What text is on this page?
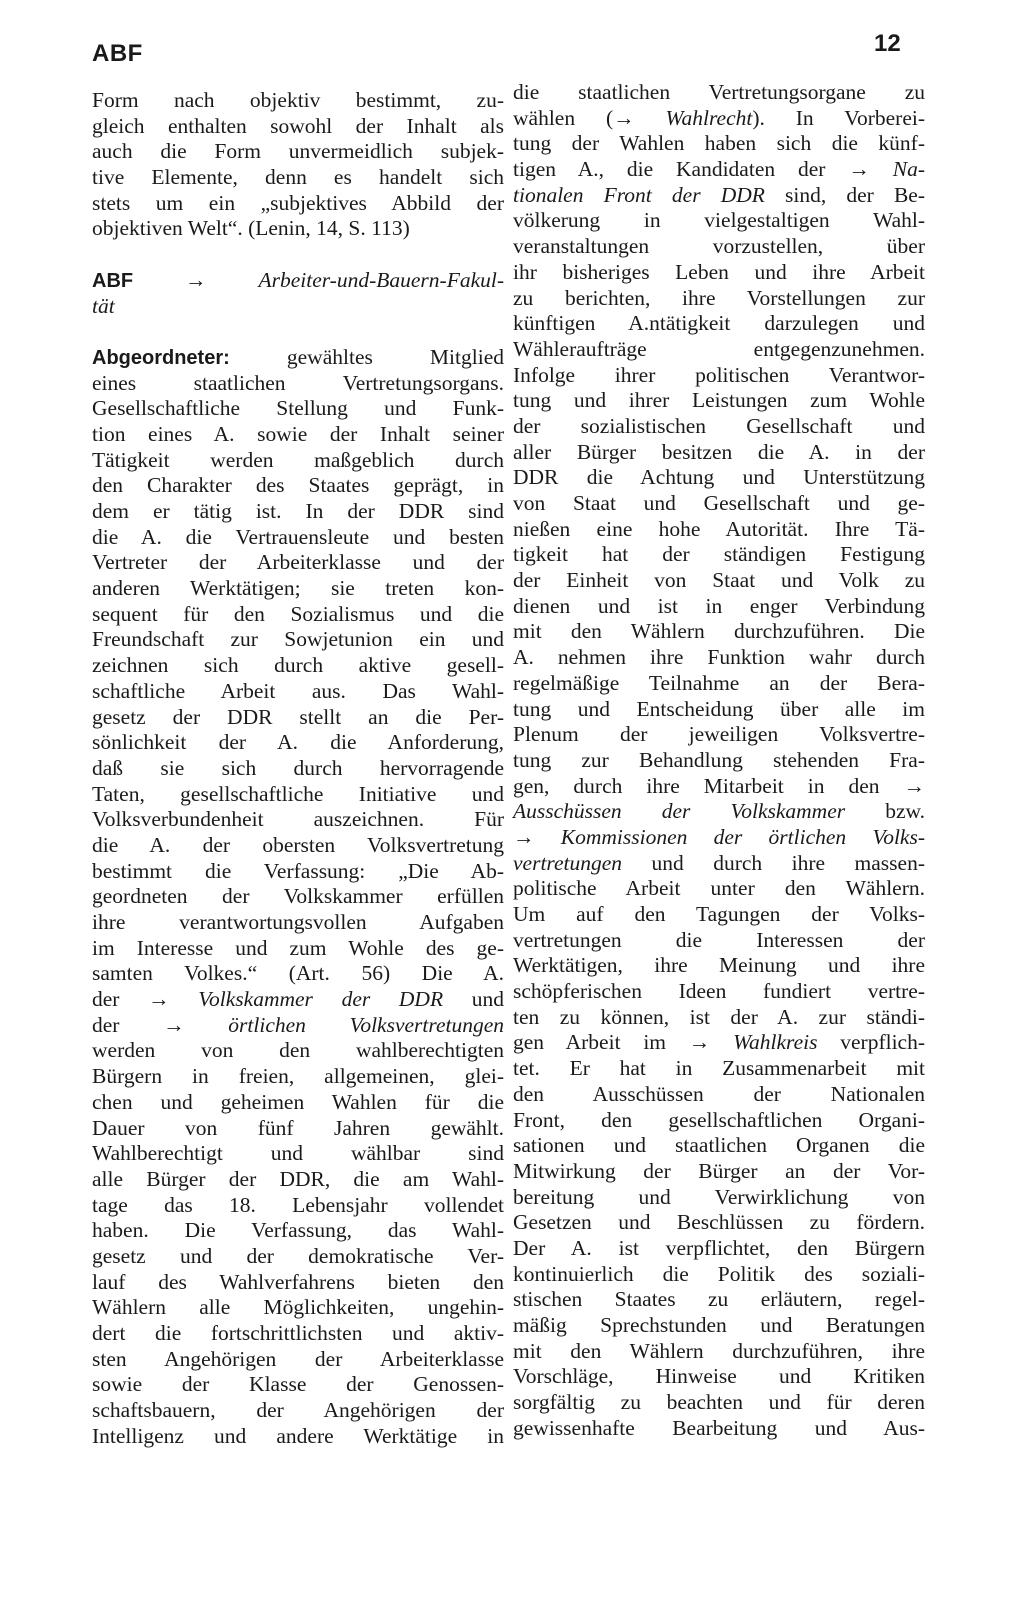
ABF	12
Form nach objektiv bestimmt, zu-
gleich enthalten sowohl der Inhalt als
auch die Form unvermeidlich subjek-
tive Elemente, denn es handelt sich
stets um ein „subjektives Abbild der
objektiven Welt“. (Lenin, 14, S. 113)
ABF → Arbeiter-und-Bauern-Fakul-
tät
Abgeordneter: gewähltes Mitglied
eines staatlichen Vertretungsorgans.
Gesellschaftliche Stellung und Funk-
tion eines A. sowie der Inhalt seiner
Tätigkeit werden maßgeblich durch
den Charakter des Staates geprägt, in
dem er tätig ist. In der DDR sind
die A. die Vertrauensleute und besten
Vertreter der Arbeiterklasse und der
anderen Werktätigen; sie treten kon-
sequent für den Sozialismus und die
Freundschaft zur Sowjetunion ein und
zeichnen sich durch aktive gesell-
schaftliche Arbeit aus. Das Wahl-
gesetz der DDR stellt an die Per-
sönlichkeit der A. die Anforderung,
daß sie sich durch hervorragende
Taten, gesellschaftliche Initiative und
Volksverbundenheit auszeichnen. Für
die A. der obersten Volksvertretung
bestimmt die Verfassung: „Die Ab-
geordneten der Volkskammer erfüllen
ihre verantwortungsvollen Aufgaben
im Interesse und zum Wohle des ge-
samten Volkes.“ (Art. 56) Die A.
der → Volkskammer der DDR und
der → örtlichen Volksvertretungen
werden von den wahlberechtigten
Bürgern in freien, allgemeinen, glei-
chen und geheimen Wahlen für die
Dauer von fünf Jahren gewählt.
Wahlberechtigt und wählbar sind
alle Bürger der DDR, die am Wahl-
tage das 18. Lebensjahr vollendet
haben. Die Verfassung, das Wahl-
gesetz und der demokratische Ver-
lauf des Wahlverfahrens bieten den
Wählern alle Möglichkeiten, ungehin-
dert die fortschrittlichsten und aktiv-
sten Angehörigen der Arbeiterklasse
sowie der Klasse der Genossen-
schaftsbauern, der Angehörigen der
Intelligenz und andere Werktätige in
die staatlichen Vertretungsorgane zu
wählen (→ Wahlrecht). In Vorberei-
tung der Wahlen haben sich die künf-
tigen A., die Kandidaten der → Na-
tionalen Front der DDR sind, der Be-
völkerung in vielgestaltigen Wahl-
veranstaltungen vorzustellen, über
ihr bisheriges Leben und ihre Arbeit
zu berichten, ihre Vorstellungen zur
künftigen A.ntätigkeit darzulegen und
Wähleraufträge entgegenzunehmen.
Infolge ihrer politischen Verantwor-
tung und ihrer Leistungen zum Wohle
der sozialistischen Gesellschaft und
aller Bürger besitzen die A. in der
DDR die Achtung und Unterstützung
von Staat und Gesellschaft und ge-
nießen eine hohe Autorität. Ihre Tä-
tigkeit hat der ständigen Festigung
der Einheit von Staat und Volk zu
dienen und ist in enger Verbindung
mit den Wählern durchzuführen. Die
A. nehmen ihre Funktion wahr durch
regelmäßige Teilnahme an der Bera-
tung und Entscheidung über alle im
Plenum der jeweiligen Volksvertre-
tung zur Behandlung stehenden Fra-
gen, durch ihre Mitarbeit in den →
Ausschüssen der Volkskammer bzw.
→ Kommissionen der örtlichen Volks-
vertretungen und durch ihre massen-
politische Arbeit unter den Wählern.
Um auf den Tagungen der Volks-
vertretungen die Interessen der
Werktätigen, ihre Meinung und ihre
schöpferischen Ideen fundiert vertre-
ten zu können, ist der A. zur ständi-
gen Arbeit im → Wahlkreis verpflich-
tet. Er hat in Zusammenarbeit mit
den Ausschüssen der Nationalen
Front, den gesellschaftlichen Organi-
sationen und staatlichen Organen die
Mitwirkung der Bürger an der Vor-
bereitung und Verwirklichung von
Gesetzen und Beschlüssen zu fördern.
Der A. ist verpflichtet, den Bürgern
kontinuierlich die Politik des soziali-
stischen Staates zu erläutern, regel-
mäßig Sprechstunden und Beratungen
mit den Wählern durchzuführen, ihre
Vorschläge, Hinweise und Kritiken
sorgfältig zu beachten und für deren
gewissenhafte Bearbeitung und Aus-
